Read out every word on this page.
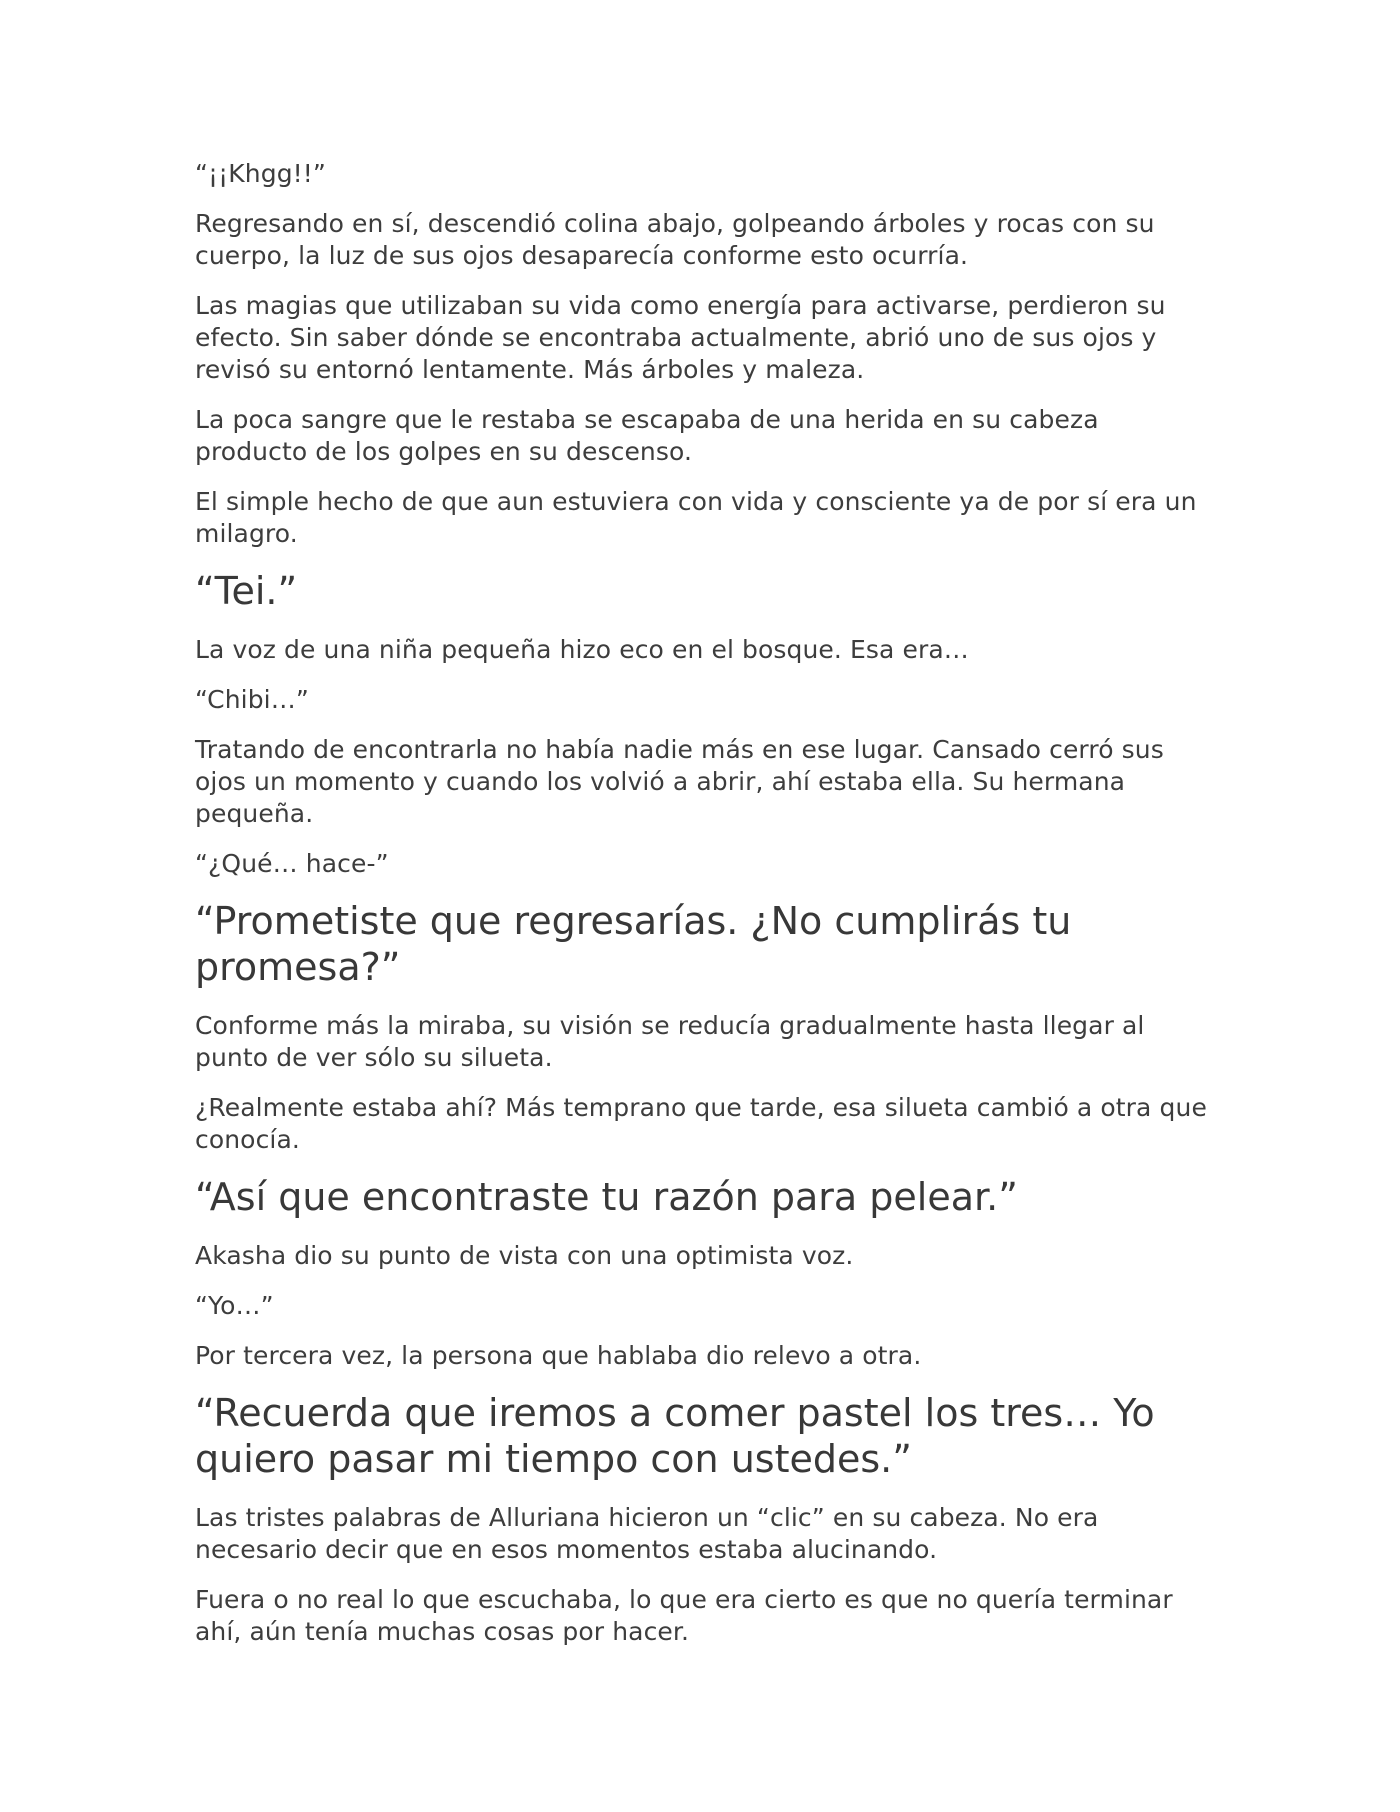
“¡¡Khgg!!”

Regresando en sí, descendió colina abajo, golpeando árboles y rocas con su cuerpo, la luz de sus ojos desaparecía conforme esto ocurría.

Las magias que utilizaban su vida como energía para activarse, perdieron su efecto. Sin saber dónde se encontraba actualmente, abrió uno de sus ojos y revisó su entornó lentamente. Más árboles y maleza.

La poca sangre que le restaba se escapaba de una herida en su cabeza producto de los golpes en su descenso.

El simple hecho de que aun estuviera con vida y consciente ya de por sí era un milagro.

“Tei.”

La voz de una niña pequeña hizo eco en el bosque. Esa era…

“Chibi…”

Tratando de encontrarla no había nadie más en ese lugar. Cansado cerró sus ojos un momento y cuando los volvió a abrir, ahí estaba ella. Su hermana pequeña.

“¿Qué… hace-”

“Prometiste que regresarías. ¿No cumplirás tu promesa?”

Conforme más la miraba, su visión se reducía gradualmente hasta llegar al punto de ver sólo su silueta.

¿Realmente estaba ahí? Más temprano que tarde, esa silueta cambió a otra que conocía.

“Así que encontraste tu razón para pelear.”

Akasha dio su punto de vista con una optimista voz.

“Yo…”

Por tercera vez, la persona que hablaba dio relevo a otra.

“Recuerda que iremos a comer pastel los tres… Yo quiero pasar mi tiempo con ustedes.”

Las tristes palabras de Alluriana hicieron un “clic” en su cabeza. No era necesario decir que en esos momentos estaba alucinando.

Fuera o no real lo que escuchaba, lo que era cierto es que no quería terminar ahí, aún tenía muchas cosas por hacer.
